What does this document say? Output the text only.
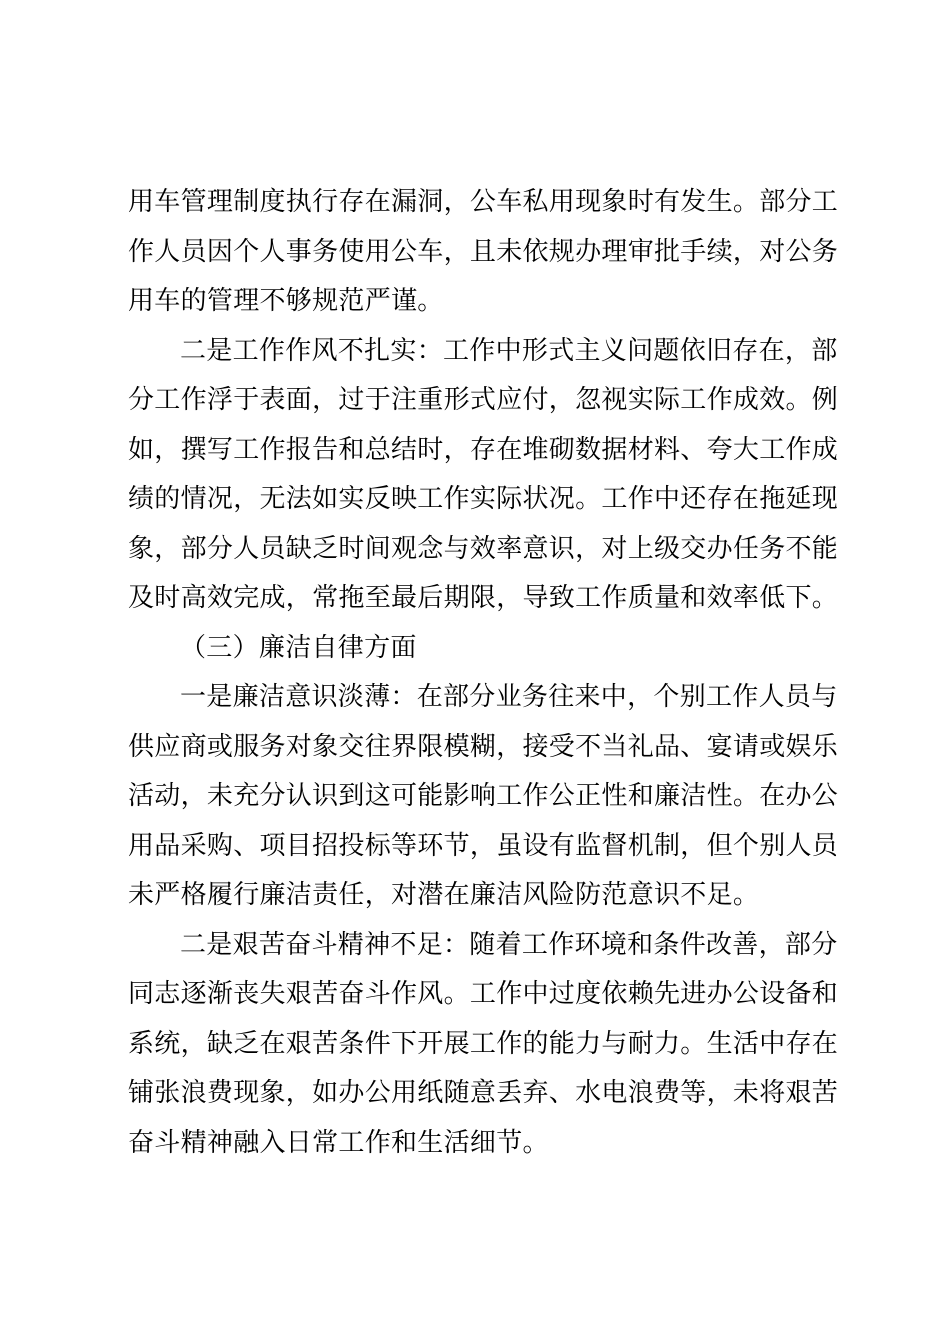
用车管理制度执行存在漏洞，公车私用现象时有发生。部分工
作人员因个人事务使用公车，且未依规办理审批手续，对公务
用车的管理不够规范严谨。
二是工作作风不扎实：工作中形式主义问题依旧存在，部
分工作浮于表面，过于注重形式应付，忽视实际工作成效。例
如，撰写工作报告和总结时，存在堆砌数据材料、夸大工作成
绩的情况，无法如实反映工作实际状况。工作中还存在拖延现
象，部分人员缺乏时间观念与效率意识，对上级交办任务不能
及时高效完成，常拖至最后期限，导致工作质量和效率低下。
（三）廉洁自律方面
一是廉洁意识淡薄：在部分业务往来中，个别工作人员与
供应商或服务对象交往界限模糊，接受不当礼品、宴请或娱乐
活动，未充分认识到这可能影响工作公正性和廉洁性。在办公
用品采购、项目招投标等环节，虽设有监督机制，但个别人员
未严格履行廉洁责任，对潜在廉洁风险防范意识不足。
二是艰苦奋斗精神不足：随着工作环境和条件改善，部分
同志逐渐丧失艰苦奋斗作风。工作中过度依赖先进办公设备和
系统，缺乏在艰苦条件下开展工作的能力与耐力。生活中存在
铺张浪费现象，如办公用纸随意丢弃、水电浪费等，未将艰苦
奋斗精神融入日常工作和生活细节。
